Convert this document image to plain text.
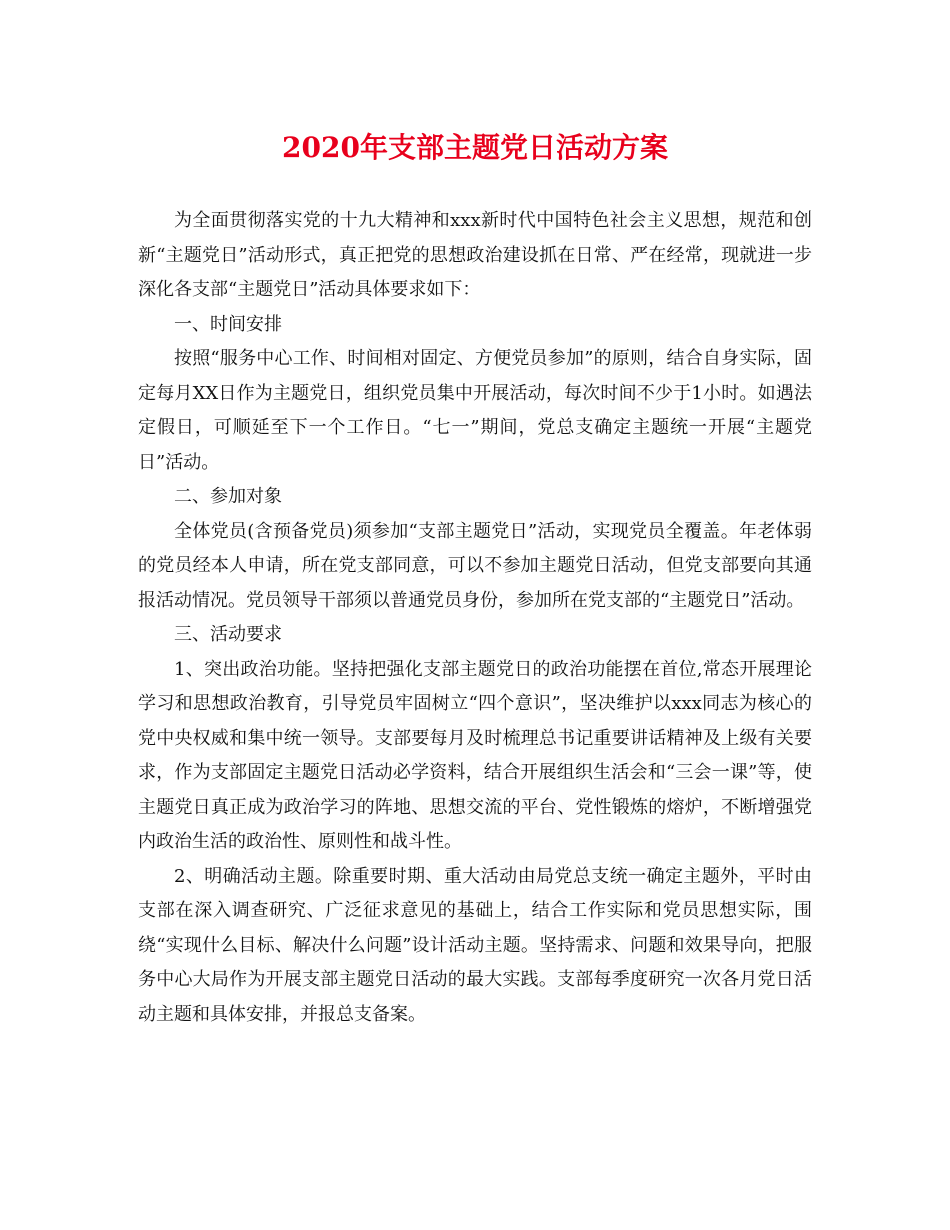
2020年支部主题党日活动方案

为全面贯彻落实党的十九大精神和xxx新时代中国特色社会主义思想，规范和创新“主题党日”活动形式，真正把党的思想政治建设抓在日常、严在经常，现就进一步深化各支部“主题党日”活动具体要求如下：

一、时间安排

按照“服务中心工作、时间相对固定、方便党员参加”的原则，结合自身实际，固定每月XX日作为主题党日，组织党员集中开展活动，每次时间不少于1小时。如遇法定假日，可顺延至下一个工作日。“七一”期间，党总支确定主题统一开展“主题党日”活动。

二、参加对象

全体党员(含预备党员)须参加“支部主题党日”活动，实现党员全覆盖。年老体弱的党员经本人申请，所在党支部同意，可以不参加主题党日活动，但党支部要向其通报活动情况。党员领导干部须以普通党员身份，参加所在党支部的“主题党日”活动。

三、活动要求

1、突出政治功能。坚持把强化支部主题党日的政治功能摆在首位,常态开展理论学习和思想政治教育，引导党员牢固树立“四个意识”，坚决维护以xxx同志为核心的党中央权威和集中统一领导。支部要每月及时梳理总书记重要讲话精神及上级有关要求，作为支部固定主题党日活动必学资料，结合开展组织生活会和“三会一课”等，使主题党日真正成为政治学习的阵地、思想交流的平台、党性锻炼的熔炉，不断增强党内政治生活的政治性、原则性和战斗性。

2、明确活动主题。除重要时期、重大活动由局党总支统一确定主题外，平时由支部在深入调查研究、广泛征求意见的基础上，结合工作实际和党员思想实际，围绕“实现什么目标、解决什么问题”设计活动主题。坚持需求、问题和效果导向，把服务中心大局作为开展支部主题党日活动的最大实践。支部每季度研究一次各月党日活动主题和具体安排，并报总支备案。
